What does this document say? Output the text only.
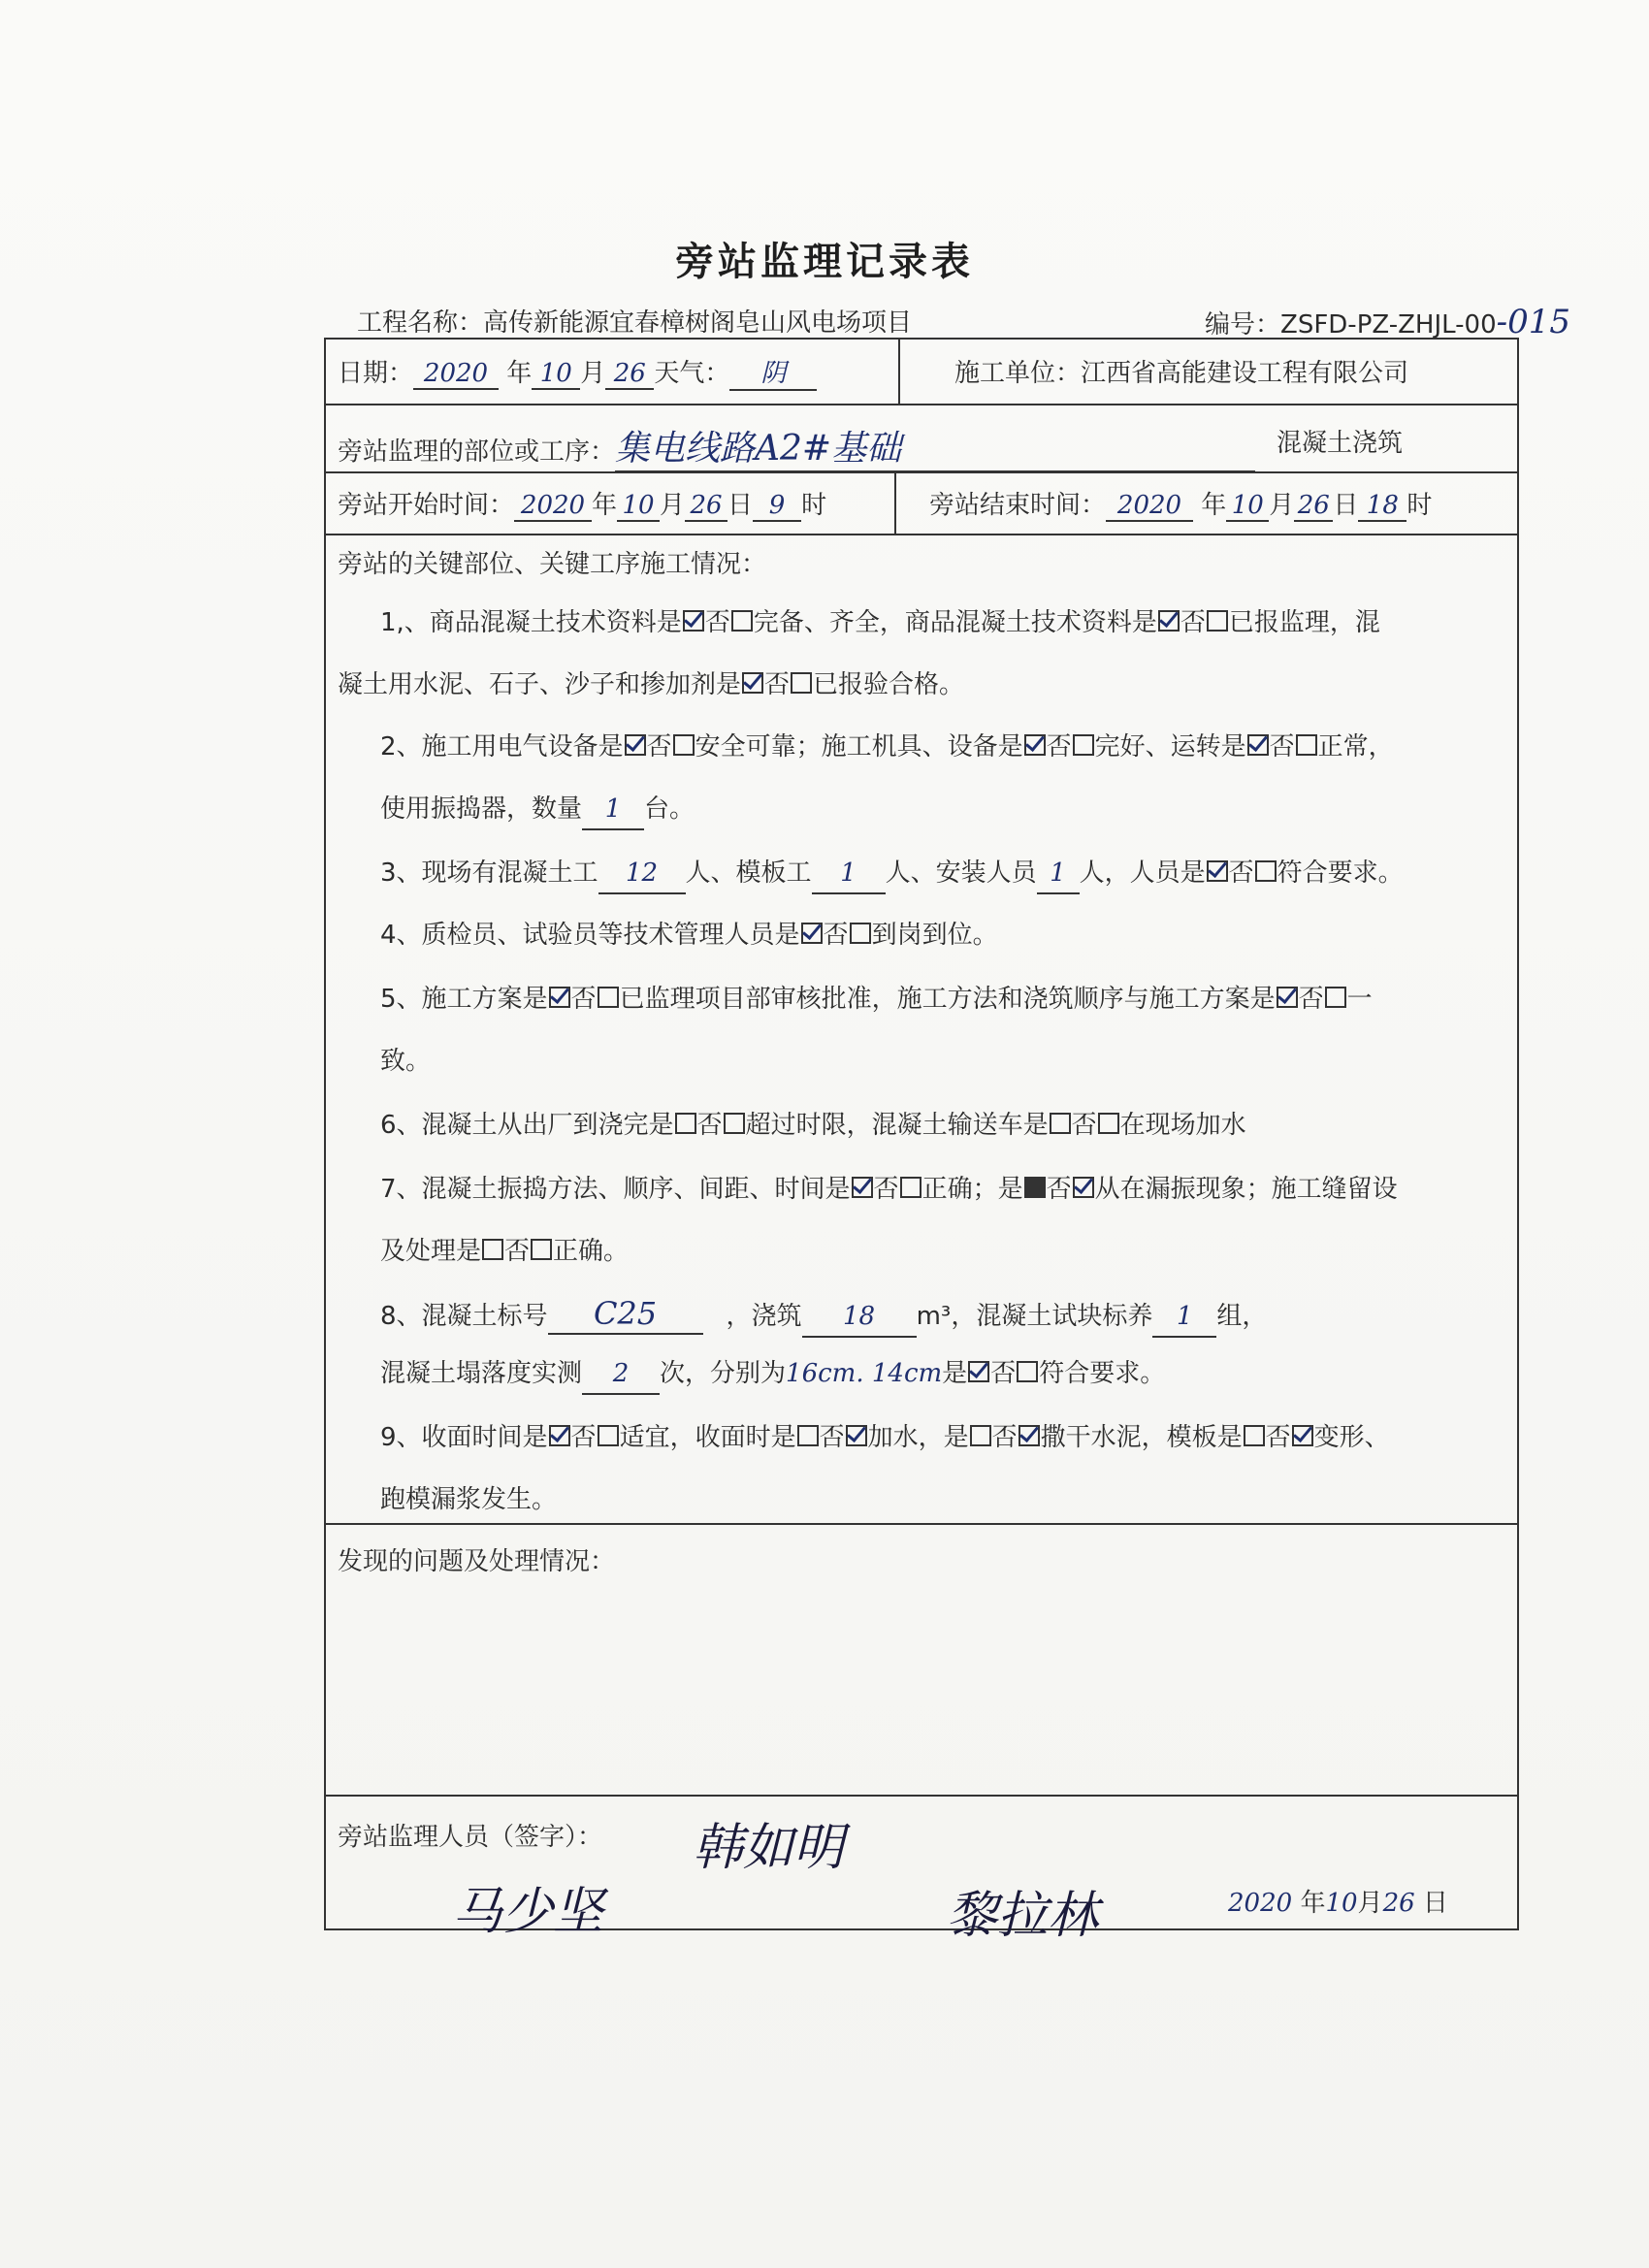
旁站监理记录表
工程名称：高传新能源宜春樟树阁皂山风电场项目	编号：ZSFD-PZ-ZHJL-00-015
日期： 2020 年 10 月 26 天气： 阴	施工单位：江西省高能建设工程有限公司
旁站监理的部位或工序：集电线路A2#基础	混凝土浇筑
旁站开始时间： 2020 年 10 月 26 日 9 时	旁站结束时间： 2020 年 10 月 26 日 18 时
旁站的关键部位、关键工序施工情况：
1,、商品混凝土技术资料是 否 完备、齐全，商品混凝土技术资料是 否 已报监理，混
凝土用水泥、石子、沙子和掺加剂是 否 已报验合格。
2、施工用电气设备是 否 安全可靠；施工机具、设备是 否 完好、运转是 否 正常，
使用振捣器，数量 1 台。
3、现场有混凝土工 12 人、模板工 1 人、安装人员 1 人，人员是 否 符合要求。
4、质检员、试验员等技术管理人员是 否 到岗到位。
5、施工方案是 否 已监理项目部审核批准，施工方法和浇筑顺序与施工方案是 否 一
致。
6、混凝土从出厂到浇完是 否 超过时限，混凝土输送车是 否 在现场加水
7、混凝土振捣方法、顺序、间距、时间是 否 正确；是 否 从在漏振现象；施工缝留设
及处理是 否 正确。
8、混凝土标号 C25	，浇筑 18 m³，混凝土试块标养 1 组，
混凝土塌落度实测 2 次，分别为16cm. 14cm是 否 符合要求。
9、收面时间是 否 适宜，收面时是 否 加水，是 否 撒干水泥，模板是 否 变形、
跑模漏浆发生。
发现的问题及处理情况：
旁站监理人员（签字）： 韩如明
马少坚	黎拉林	2020 年10月26 日
